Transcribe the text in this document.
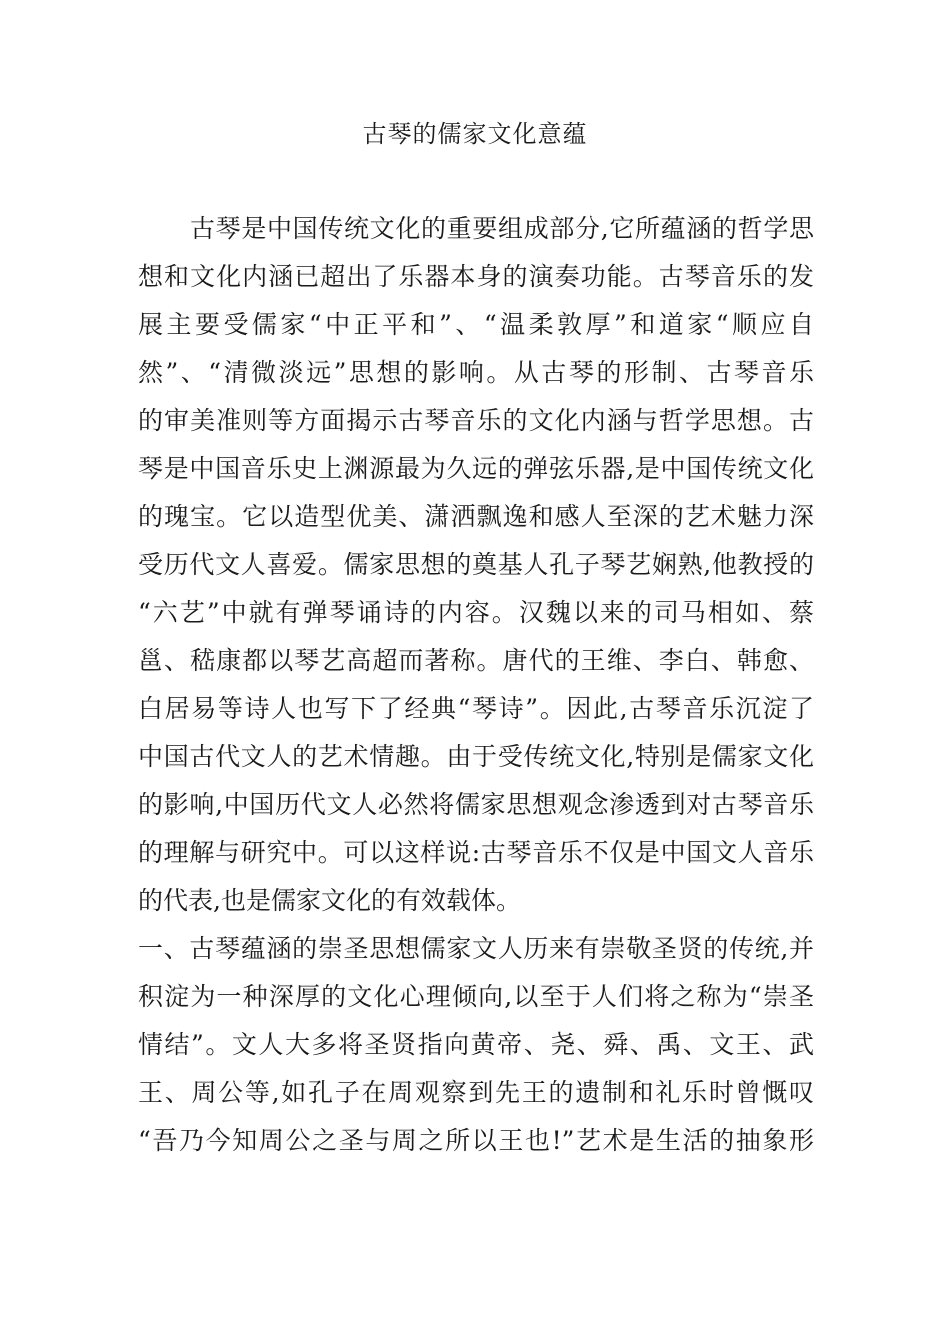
古琴的儒家文化意蕴
古琴是中国传统文化的重要组成部分,它所蕴涵的哲学思
想和文化内涵已超出了乐器本身的演奏功能。古琴音乐的发
展主要受儒家“中正平和”、“温柔敦厚”和道家“顺应自
然”、“清微淡远”思想的影响。从古琴的形制、古琴音乐
的审美准则等方面揭示古琴音乐的文化内涵与哲学思想。古
琴是中国音乐史上渊源最为久远的弹弦乐器,是中国传统文化
的瑰宝。它以造型优美、潇洒飘逸和感人至深的艺术魅力深
受历代文人喜爱。儒家思想的奠基人孔子琴艺娴熟,他教授的
“六艺”中就有弹琴诵诗的内容。汉魏以来的司马相如、蔡
邕、嵇康都以琴艺高超而著称。唐代的王维、李白、韩愈、
白居易等诗人也写下了经典“琴诗”。因此,古琴音乐沉淀了
中国古代文人的艺术情趣。由于受传统文化,特别是儒家文化
的影响,中国历代文人必然将儒家思想观念渗透到对古琴音乐
的理解与研究中。可以这样说:古琴音乐不仅是中国文人音乐
的代表,也是儒家文化的有效载体。
一、古琴蕴涵的崇圣思想儒家文人历来有崇敬圣贤的传统,并
积淀为一种深厚的文化心理倾向,以至于人们将之称为“崇圣
情结”。文人大多将圣贤指向黄帝、尧、舜、禹、文王、武
王、周公等,如孔子在周观察到先王的遗制和礼乐时曾慨叹
“吾乃今知周公之圣与周之所以王也!”艺术是生活的抽象形
